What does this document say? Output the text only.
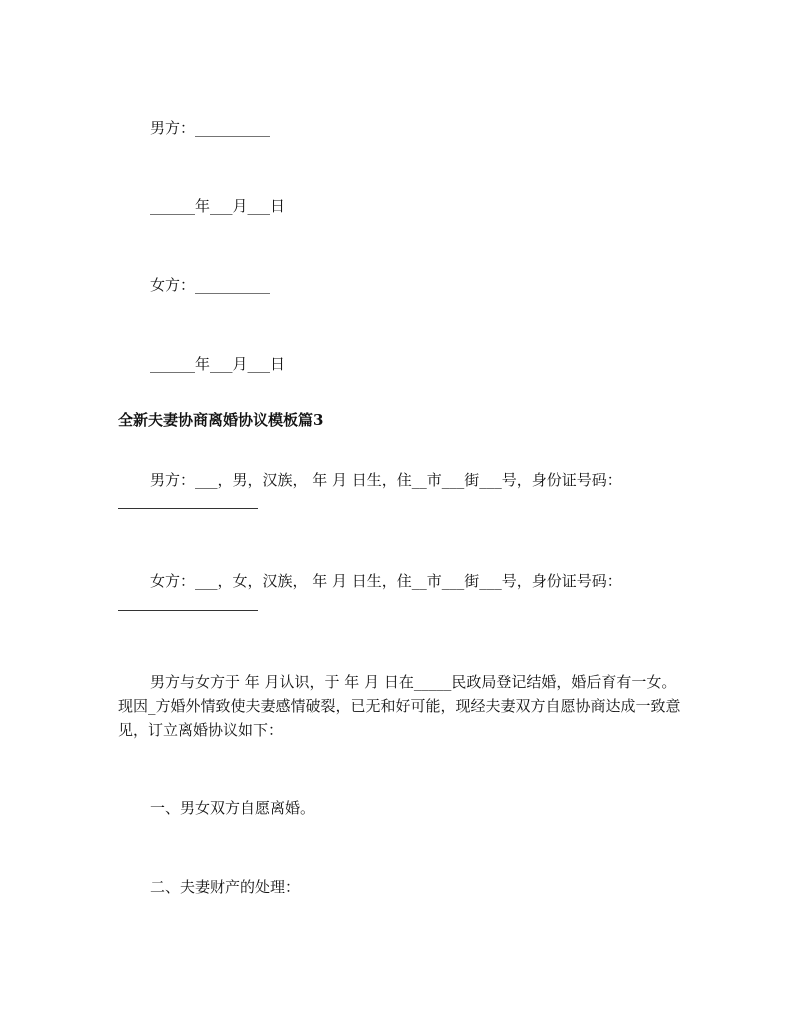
男方：__________
______年___月___日
女方：__________
______年___月___日
全新夫妻协商离婚协议模板篇3
男方：___，男，汉族， 年 月 日生，住__市___街___号，身份证号码：
女方：___，女，汉族， 年 月 日生，住__市___街___号，身份证号码：
男方与女方于 年 月认识，于 年 月 日在_____民政局登记结婚，婚后育有一女。现因_方婚外情致使夫妻感情破裂，已无和好可能，现经夫妻双方自愿协商达成一致意见，订立离婚协议如下：
一、男女双方自愿离婚。
二、夫妻财产的处理：
